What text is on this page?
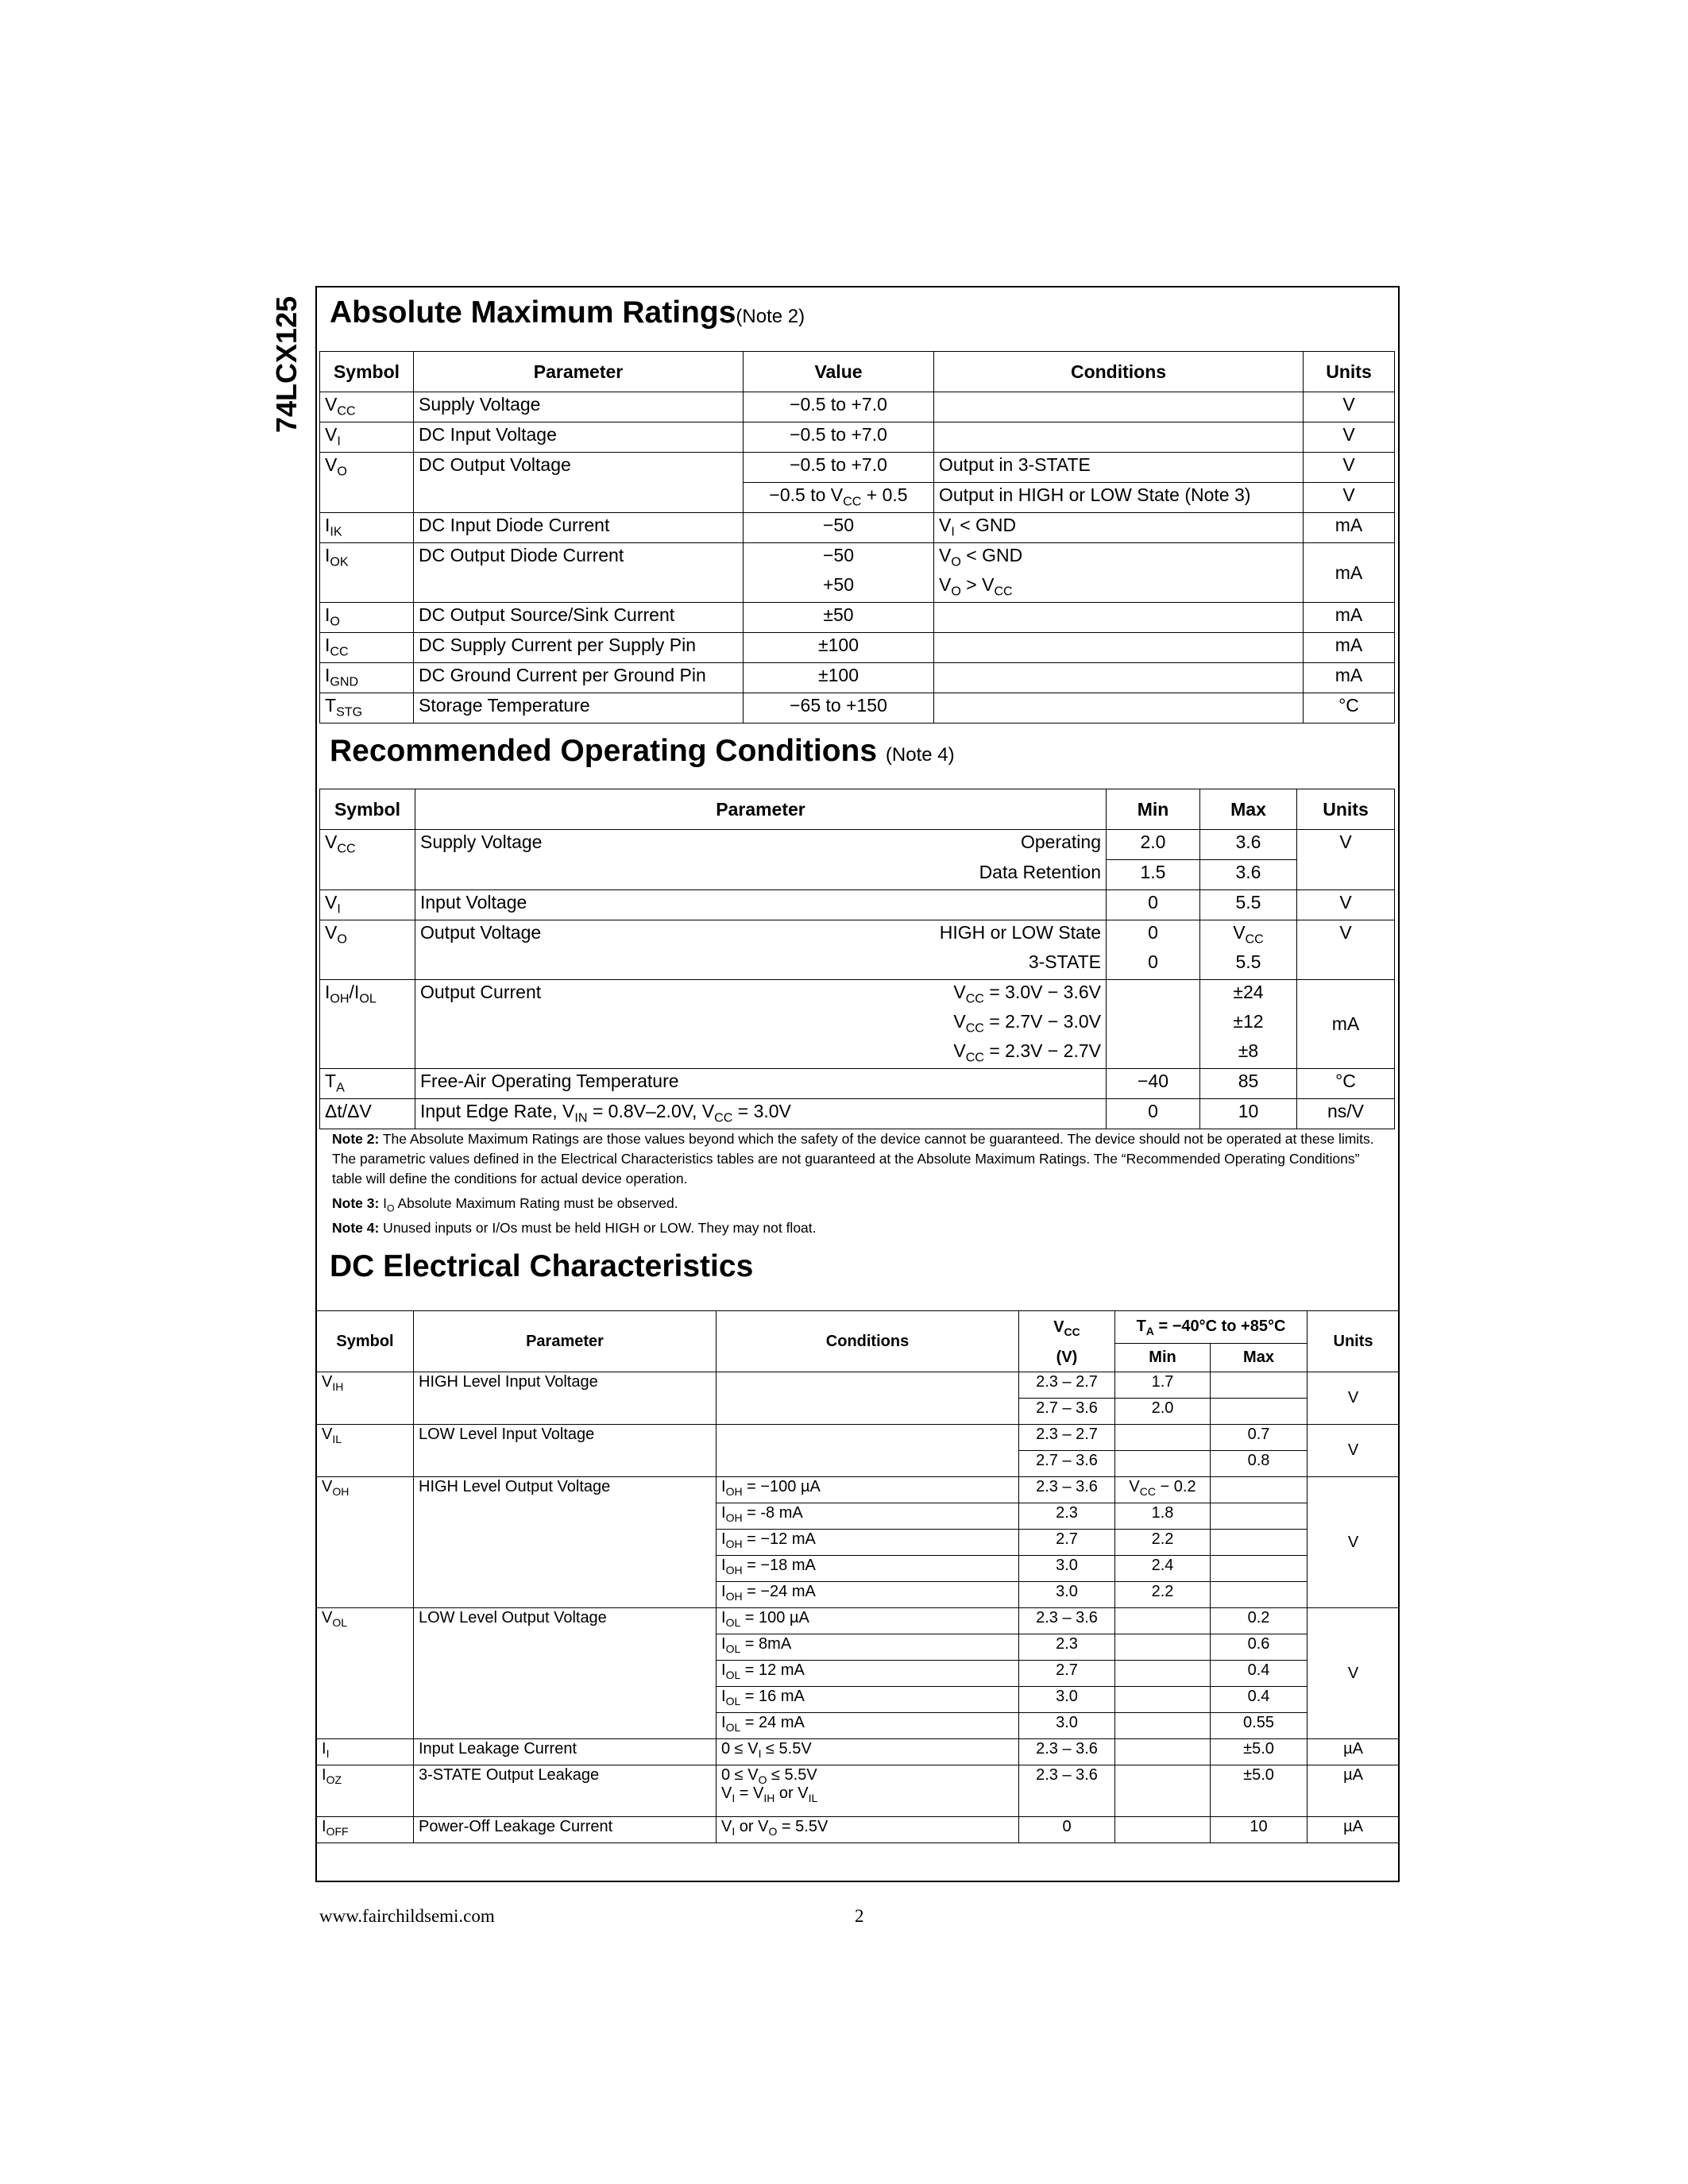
74LCX125 Absolute Maximum Ratings(Note 2)
Symbol	Parameter	Value	Conditions	Units
$V_{CC}$	Supply Voltage	−0.5 to +7.0		V
$V_I$	DC Input Voltage	−0.5 to +7.0		V
$V_O$	DC Output Voltage	−0.5 to +7.0	Output in 3-STATE	V
		−0.5 to $V_{CC} + 0.5$	Output in HIGH or LOW State (Note 3)	V
$I_{IK}$	DC Input Diode Current	−50	$V_I$ < GND	mA
$I_{OK}$	DC Output Diode Current	−50	$V_O$ < GND	mA
		+50	$V_O > V_{CC}$
$I_O$	DC Output Source/Sink Current	±50		mA
$I_{CC}$	DC Supply Current per Supply Pin	±100		mA
$I_{GND}$	DC Ground Current per Ground Pin	±100		mA
$T_{STG}$	Storage Temperature	−65 to +150		°C
Recommended Operating Conditions (Note 4)
Symbol	Parameter	Min	Max	Units
$V_{CC}$	Supply Voltage Operating	2.0	3.6	V
	Data Retention	1.5	3.6	
$V_I$	Input Voltage	0	5.5	V
$V_O$	Output Voltage HIGH or LOW State	0	$V_{CC}$	V
	3-STATE	0	5.5	
$I_{OH}/I_{OL}$	Output Current $V_{CC} = 3.0V - 3.6V$		±24	mA
	$V_{CC} = 2.7V - 3.0V$		±12	
	$V_{CC} = 2.3V - 2.7V$		±8	
$T_A$	Free-Air Operating Temperature	−40	85	°C
Δt/ΔV	Input Edge Rate, $V_{IN} = 0.8V-2.0V$, $V_{CC} = 3.0V$	0	10	ns/V

Note 2: The Absolute Maximum Ratings are those values beyond which the safety of the device cannot be guaranteed. The device should not be operated at these limits. The parametric values defined in the Electrical Characteristics tables are not guaranteed at the Absolute Maximum Ratings. The “Recommended Operating Conditions” table will define the conditions for actual device operation.

Note 3: $I_O$ Absolute Maximum Rating must be observed.

Note 4: Unused inputs or I/Os must be held HIGH or LOW. They may not float.

DC Electrical Characteristics
Symbol	Parameter	Conditions	$V_{CC}$	$T_A = -40^\circ C$ to +85°C		Units
			(V)	Min	Max	
$V_{IH}$	HIGH Level Input Voltage		2.3 – 2.7	1.7		V
			2.7 – 3.6	2.0		
$V_{IL}$	LOW Level Input Voltage		2.3 – 2.7		0.7	V
			2.7 – 3.6		0.8	
$V_{OH}$	HIGH Level Output Voltage	$I_{OH} = -100$ µA	2.3 – 3.6	$V_{CC} - 0.2$		V
		$I_{OH} = -8$ mA	2.3	1.8		
		$I_{OH} = -12$ mA	2.7	2.2		
		$I_{OH} = -18$ mA	3.0	2.4		
		$I_{OH} = -24$ mA	3.0	2.2		
$V_{OL}$	LOW Level Output Voltage	$I_{OL} = 100$ µA	2.3 – 3.6		0.2	V
		$I_{OL} = 8mA$	2.3		0.6	
		$I_{OL} = 12$ mA	2.7		0.4	
		$I_{OL} = 16$ mA	3.0		0.4	
		$I_{OL} = 24$ mA	3.0		0.55	
$I_I$	Input Leakage Current	$0 \le V_I \le 5.5V$	2.3 – 3.6		±5.0	µA
$I_{OZ}$	3-STATE Output Leakage	$0 \le V_O \le 5.5V$
$V_I = V_{IH}$ or $V_{IL}$	2.3 – 3.6		±5.0	µA
$I_{OFF}$	Power-Off Leakage Current	$V_I$ or $V_O = 5.5V$	0		10	µA
www.fairchildsemi.com	2
